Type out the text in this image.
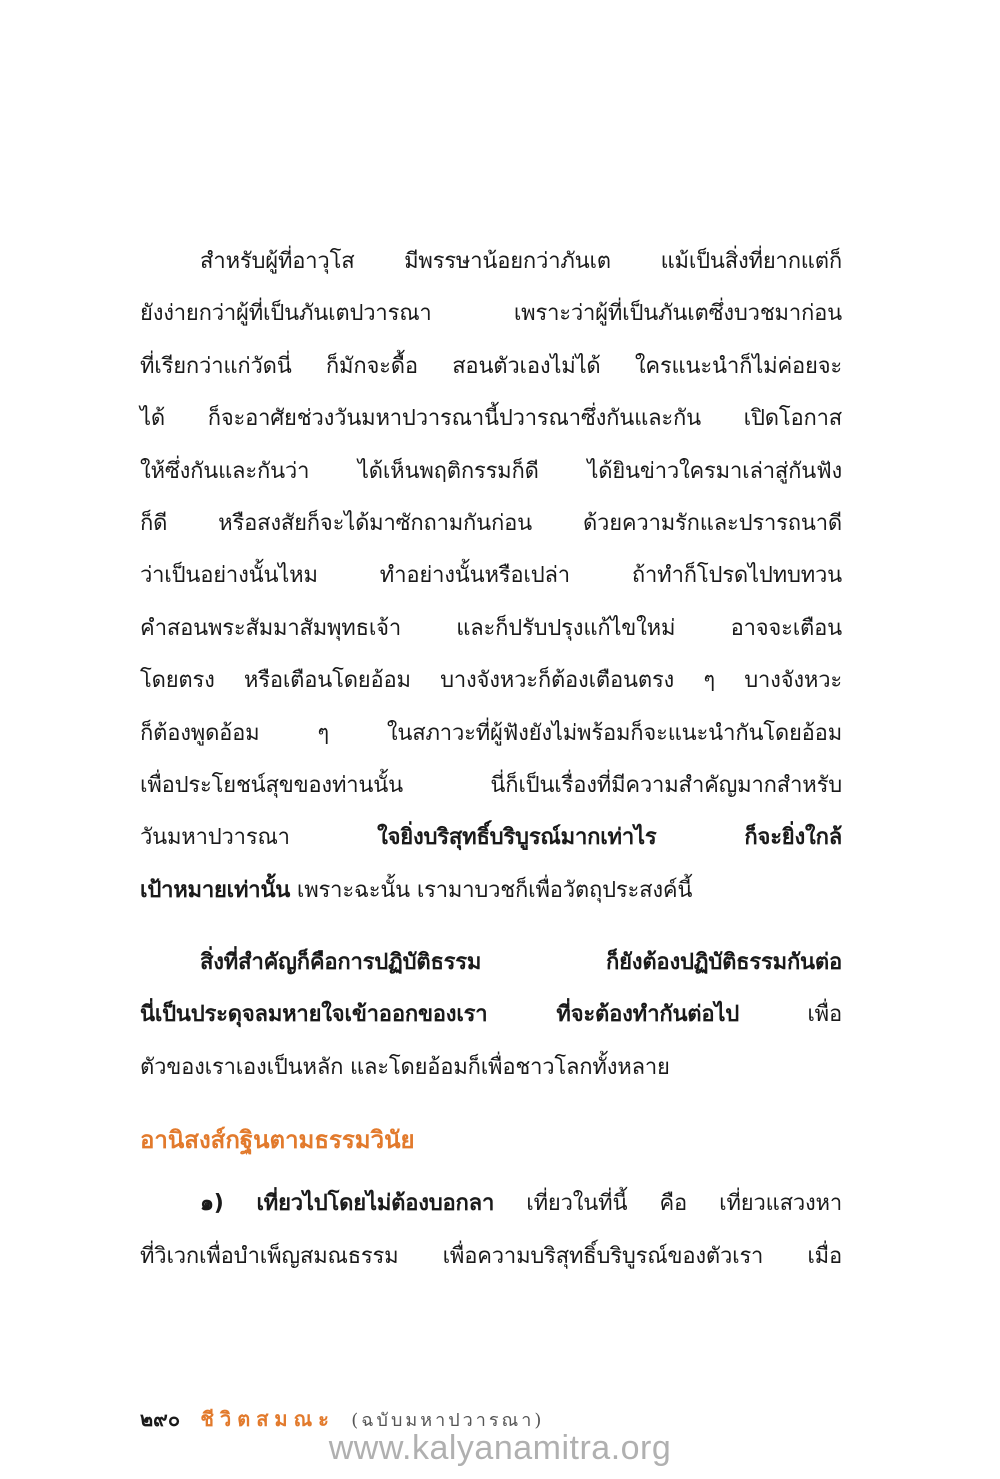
สำหรับผู้ที่อาวุโส มีพรรษาน้อยกว่าภันเต แม้เป็นสิ่งที่ยากแต่ก็
ยังง่ายกว่าผู้ที่เป็นภันเตปวารณา เพราะว่าผู้ที่เป็นภันเตซึ่งบวชมาก่อน
ที่เรียกว่าแก่วัดนี่ ก็มักจะดื้อ สอนตัวเองไม่ได้ ใครแนะนำก็ไม่ค่อยจะ
ได้ ก็จะอาศัยช่วงวันมหาปวารณานี้ปวารณาซึ่งกันและกัน เปิดโอกาส
ให้ซึ่งกันและกันว่า ได้เห็นพฤติกรรมก็ดี ได้ยินข่าวใครมาเล่าสู่กันฟัง
ก็ดี หรือสงสัยก็จะได้มาซักถามกันก่อน ด้วยความรักและปรารถนาดี
ว่าเป็นอย่างนั้นไหม ทำอย่างนั้นหรือเปล่า ถ้าทำก็โปรดไปทบทวน
คำสอนพระสัมมาสัมพุทธเจ้า และก็ปรับปรุงแก้ไขใหม่ อาจจะเตือน
โดยตรง หรือเตือนโดยอ้อม บางจังหวะก็ต้องเตือนตรง ๆ บางจังหวะ
ก็ต้องพูดอ้อม ๆ ในสภาวะที่ผู้ฟังยังไม่พร้อมก็จะแนะนำกันโดยอ้อม
เพื่อประโยชน์สุขของท่านนั้น นี่ก็เป็นเรื่องที่มีความสำคัญมากสำหรับ
วันมหาปวารณา ใจยิ่งบริสุทธิ์บริบูรณ์มากเท่าไร ก็จะยิ่งใกล้
เป้าหมายเท่านั้น เพราะฉะนั้น เรามาบวชก็เพื่อวัตถุประสงค์นี้
สิ่งที่สำคัญก็คือการปฏิบัติธรรม ก็ยังต้องปฏิบัติธรรมกันต่อ
นี่เป็นประดุจลมหายใจเข้าออกของเรา ที่จะต้องทำกันต่อไป เพื่อ
ตัวของเราเองเป็นหลัก และโดยอ้อมก็เพื่อชาวโลกทั้งหลาย
อานิสงส์กฐินตามธรรมวินัย
๑) เที่ยวไปโดยไม่ต้องบอกลา เที่ยวในที่นี้ คือ เที่ยวแสวงหา
ที่วิเวกเพื่อบำเพ็ญสมณธรรม เพื่อความบริสุทธิ์บริบูรณ์ของตัวเรา เมื่อ
๒๙๐ ชีวิตสมณะ (ฉบับมหาปวารณา)
www.kalyanamitra.org
